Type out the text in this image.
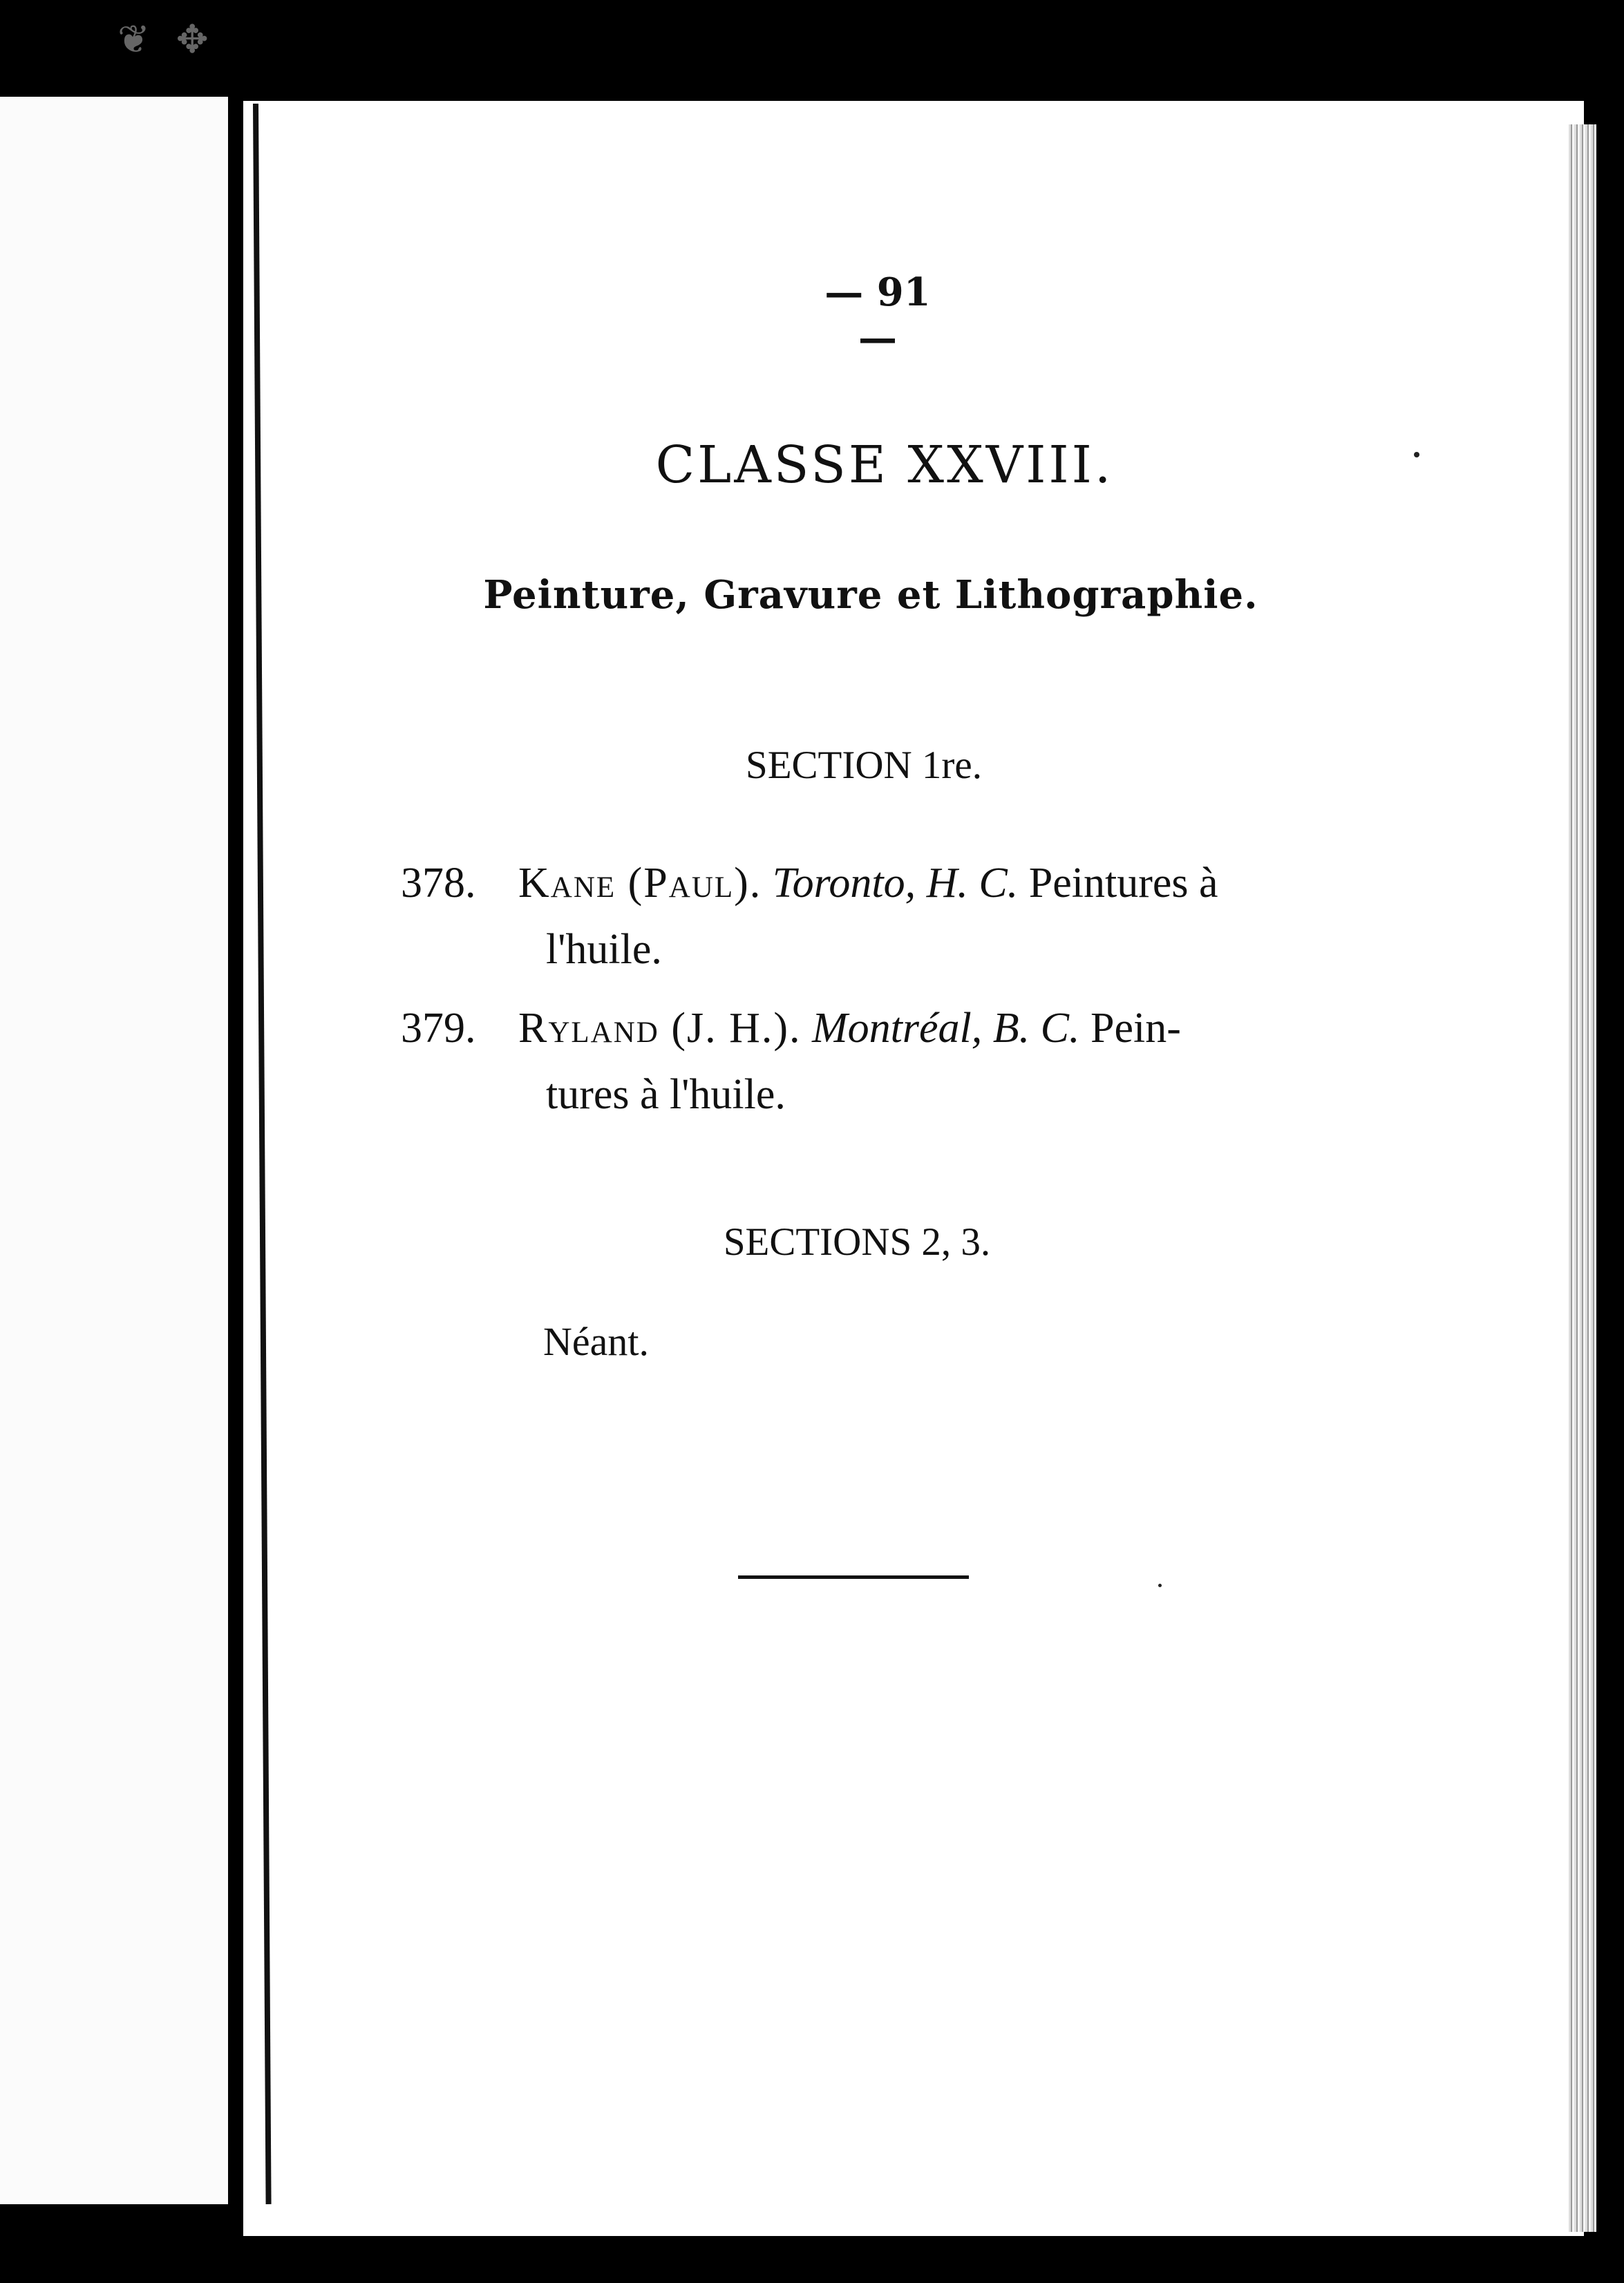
❦ ✥
— 91 —
CLASSE XXVIII.
Peinture, Gravure et Lithographie.
SECTION 1re.
378. Kane (Paul). Toronto, H. C. Peintures à
l'huile.
379. Ryland (J. H.). Montréal, B. C. Pein-
tures à l'huile.
SECTIONS 2, 3.
Néant.
